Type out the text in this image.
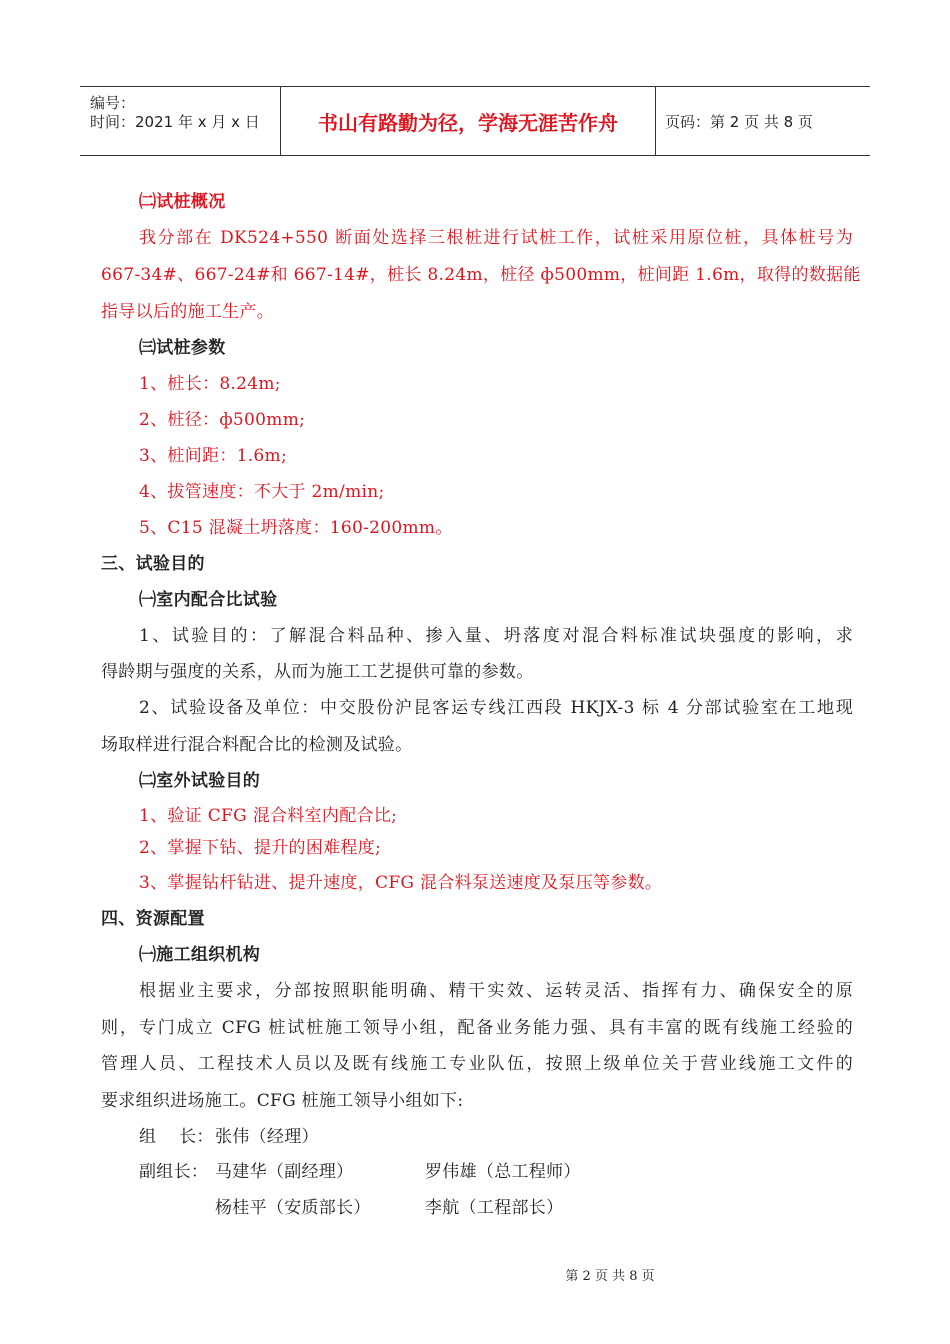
编号：
时间：2021 年 x 月 x 日	书山有路勤为径，学海无涯苦作舟	页码：第 2 页 共 8 页
㈡试桩概况
我分部在 DK524+550 断面处选择三根桩进行试桩工作，试桩采用原位桩，具体桩号为
667-34#、667-24#和 667-14#，桩长 8.24m，桩径 ф500mm，桩间距 1.6m，取得的数据能
指导以后的施工生产。
㈢试桩参数
1、桩长：8.24m;
2、桩径：ф500mm;
3、桩间距：1.6m;
4、拔管速度：不大于 2m/min;
5、C15 混凝土坍落度：160-200mm。
三、试验目的
㈠室内配合比试验
1、试验目的：了解混合料品种、掺入量、坍落度对混合料标准试块强度的影响，求
得龄期与强度的关系，从而为施工工艺提供可靠的参数。
2、试验设备及单位：中交股份沪昆客运专线江西段 HKJX-3 标 4 分部试验室在工地现
场取样进行混合料配合比的检测及试验。
㈡室外试验目的
1、验证 CFG 混合料室内配合比;
2、掌握下钻、提升的困难程度;
3、掌握钻杆钻进、提升速度，CFG 混合料泵送速度及泵压等参数。
四、资源配置
㈠施工组织机构
根据业主要求，分部按照职能明确、精干实效、运转灵活、指挥有力、确保安全的原
则，专门成立 CFG 桩试桩施工领导小组，配备业务能力强、具有丰富的既有线施工经验的
管理人员、工程技术人员以及既有线施工专业队伍，按照上级单位关于营业线施工文件的
要求组织进场施工。CFG 桩施工领导小组如下:
组    长： 张伟（经理）
副组长： 马建华（副经理）	罗伟雄（总工程师）
杨桂平（安质部长）	李航（工程部长）
第 2 页 共 8 页
